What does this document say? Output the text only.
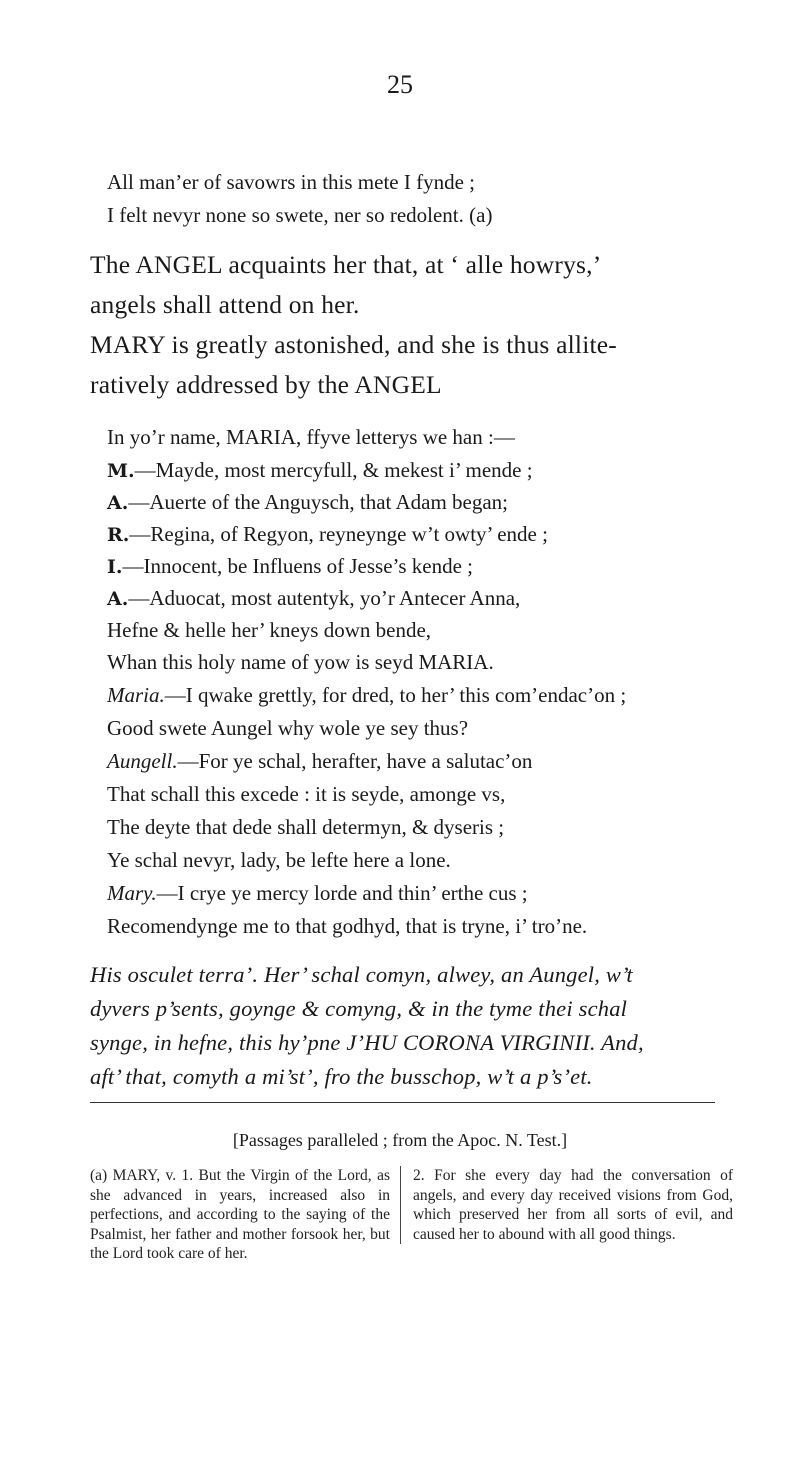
25
All man’er of savowrs in this mete I fynde ;
I felt nevyr none so swete, ner so redolent. (a)
The ANGEL acquaints her that, at ‘ alle howrys,’
angels shall attend on her.
MARY is greatly astonished, and she is thus allite-
ratively addressed by the ANGEL
In yo’r name, MARIA, ffyve letterys we han :—
M.—Mayde, most mercyfull, & mekest i’ mende ;
A.—Auerte of the Anguysch, that Adam began;
R.—Regina, of Regyon, reyneynge w’t owty’ ende ;
I.—Innocent, be Influens of Jesse’s kende ;
A.—Aduocat, most autentyk, yo’r Antecer Anna,
Hefne & helle her’ kneys down bende,
Whan this holy name of yow is seyd MARIA.
Maria.—I qwake grettly, for dred, to her’ this com’endac’on ;
Good swete Aungel why wole ye sey thus?
Aungell.—For ye schal, herafter, have a salutac’on
That schall this excede : it is seyde, amonge vs,
The deyte that dede shall determyn, & dyseris ;
Ye schal nevyr, lady, be lefte here a lone.
Mary.—I crye ye mercy lorde and thin’ erthe cus ;
Recomendynge me to that godhyd, that is tryne, i’ tro’ne.
His osculet terra’. Her’ schal comyn, alwey, an Aungel, w’t
dyvers p’sents, goynge & comyng, & in the tyme thei schal
synge, in hefne, this hy’pne J’HU CORONA VIRGINII. And,
aft’ that, comyth a mi’st’, fro the busschop, w’t a p’s’et.
[Passages paralleled ; from the Apoc. N. Test.]
(a) MARY, v. 1. But the Virgin of the Lord, as she advanced in years, increased also in perfections, and according to the saying of the Psalmist, her father and mother forsook her, but the Lord took care of her.
2. For she every day had the conversation of angels, and every day received visions from God, which preserved her from all sorts of evil, and caused her to abound with all good things.
